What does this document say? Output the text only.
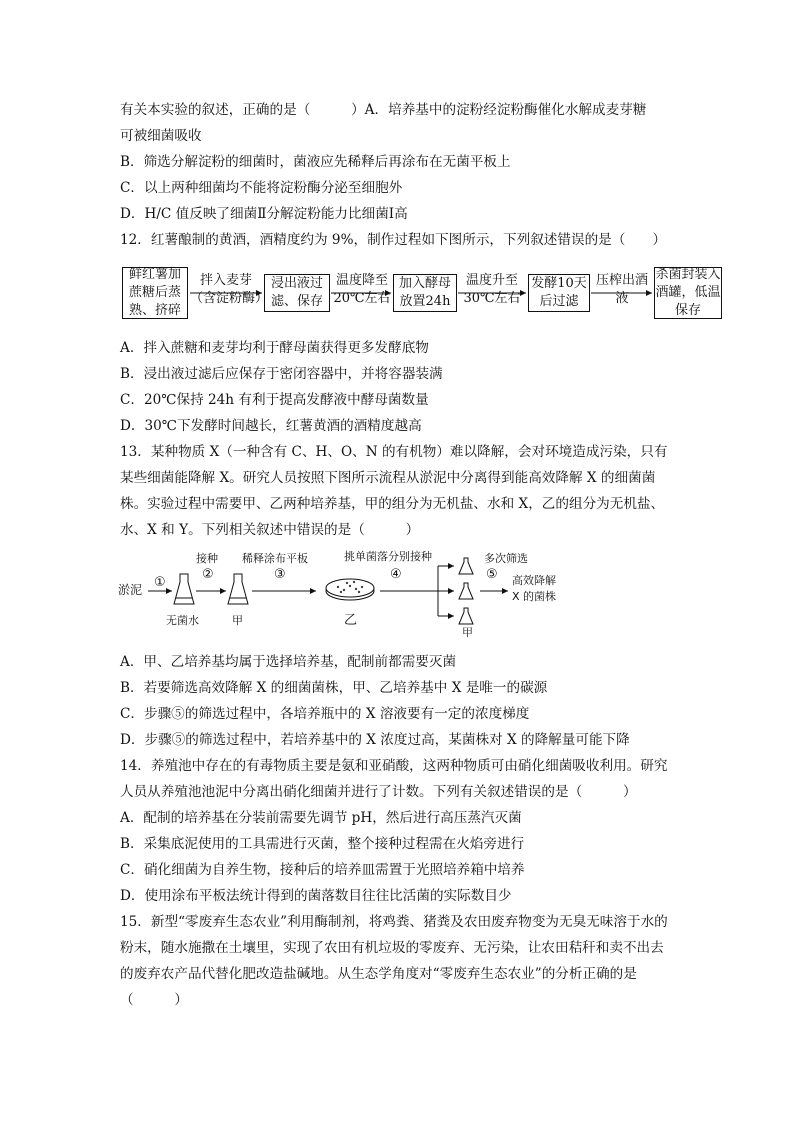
有关本实验的叙述，正确的是（　　　）A．培养基中的淀粉经淀粉酶催化水解成麦芽糖
可被细菌吸收
B．筛选分解淀粉的细菌时，菌液应先稀释后再涂布在无菌平板上
C．以上两种细菌均不能将淀粉酶分泌至细胞外
D．H/C 值反映了细菌Ⅱ分解淀粉能力比细菌Ⅰ高
12．红薯酿制的黄酒，酒精度约为 9%，制作过程如下图所示，下列叙述错误的是（　　）
鲜红薯加蔗糖后蒸熟、挤碎
拌入麦芽（含淀粉酶）
浸出液过滤、保存
温度降至20℃左右
加入酵母放置24h
温度升至30℃左右
发酵10天后过滤
压榨出酒液
杀菌封装入酒罐，低温保存
A．拌入蔗糖和麦芽均利于酵母菌获得更多发酵底物
B．浸出液过滤后应保存于密闭容器中，并将容器装满
C．20℃保持 24h 有利于提高发酵液中酵母菌数量
D．30℃下发酵时间越长，红薯黄酒的酒精度越高
13．某种物质 X（一种含有 C、H、O、N 的有机物）难以降解，会对环境造成污染，只有
某些细菌能降解 X。研究人员按照下图所示流程从淤泥中分离得到能高效降解 X 的细菌菌
株。实验过程中需要甲、乙两种培养基，甲的组分为无机盐、水和 X，乙的组分为无机盐、
水、X 和 Y。下列相关叙述中错误的是（　　　）
淤泥 ①
接种
②
稀释涂布平板
③
挑单菌落分别接种
④
多次筛选
⑤
无菌水	甲	乙
甲
高效降解
X 的菌株
A．甲、乙培养基均属于选择培养基，配制前都需要灭菌
B．若要筛选高效降解 X 的细菌菌株，甲、乙培养基中 X 是唯一的碳源
C．步骤⑤的筛选过程中，各培养瓶中的 X 溶液要有一定的浓度梯度
D．步骤⑤的筛选过程中，若培养基中的 X 浓度过高，某菌株对 X 的降解量可能下降
14．养殖池中存在的有毒物质主要是氨和亚硝酸，这两种物质可由硝化细菌吸收利用。研究
人员从养殖池池泥中分离出硝化细菌并进行了计数。下列有关叙述错误的是（　　　）
A．配制的培养基在分装前需要先调节 pH，然后进行高压蒸汽灭菌
B．采集底泥使用的工具需进行灭菌，整个接种过程需在火焰旁进行
C．硝化细菌为自养生物，接种后的培养皿需置于光照培养箱中培养
D．使用涂布平板法统计得到的菌落数目往往比活菌的实际数目少
15．新型“零废弃生态农业”利用酶制剂，将鸡粪、猪粪及农田废弃物变为无臭无味溶于水的
粉末，随水施撒在土壤里，实现了农田有机垃圾的零废弃、无污染，让农田秸秆和卖不出去
的废弃农产品代替化肥改造盐碱地。从生态学角度对“零废弃生态农业”的分析正确的是
（　　　）
